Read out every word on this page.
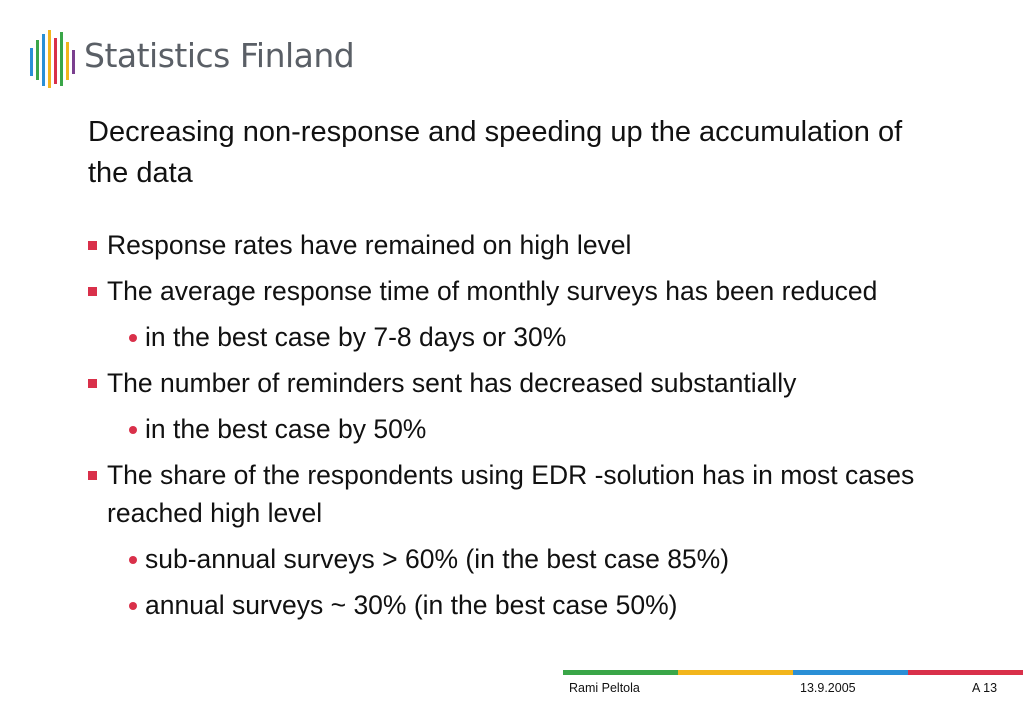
Statistics Finland
Decreasing non-response and speeding up the accumulation of the data
Response rates have remained on high level
The average response time of monthly surveys has been reduced
in the best case by 7-8 days or 30%
The number of reminders sent has decreased substantially
in the best case by 50%
The share of the respondents using EDR -solution has in most cases reached high level
sub-annual surveys > 60% (in the best case 85%)
annual surveys ~ 30% (in the best case 50%)
Rami Peltola	13.9.2005	A 13
